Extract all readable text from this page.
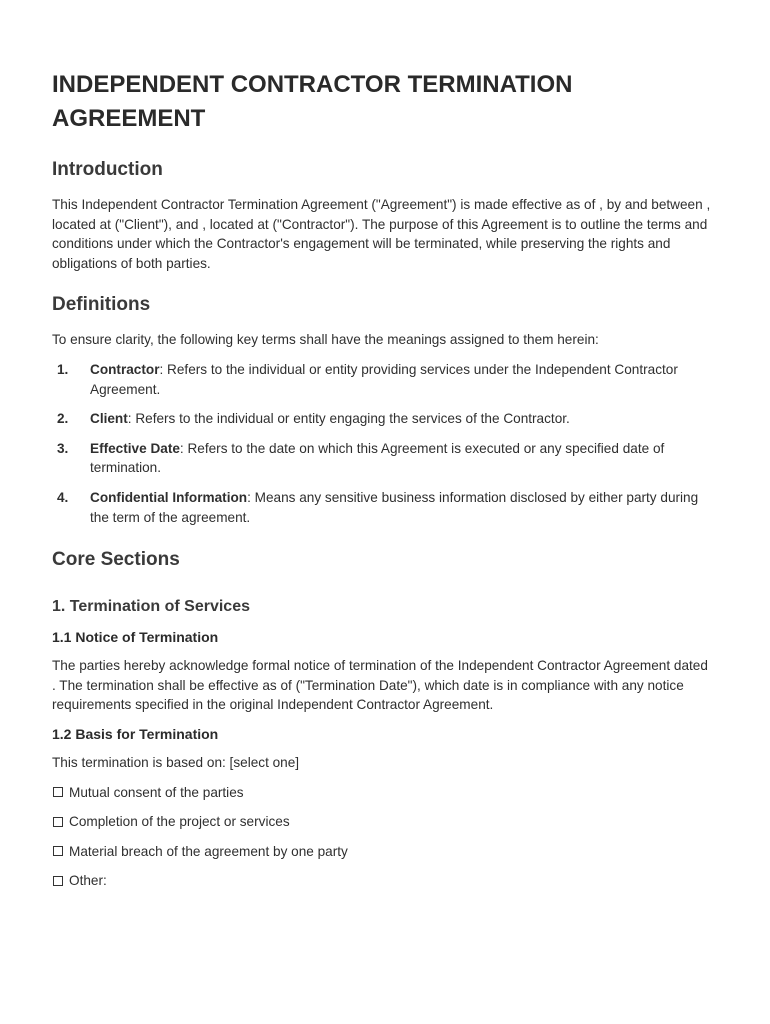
INDEPENDENT CONTRACTOR TERMINATION AGREEMENT
Introduction

This Independent Contractor Termination Agreement ("Agreement") is made effective as of , by and between , located at ("Client"), and , located at ("Contractor"). The purpose of this Agreement is to outline the terms and conditions under which the Contractor's engagement will be terminated, while preserving the rights and obligations of both parties.

Definitions

To ensure clarity, the following key terms shall have the meanings assigned to them herein:

1. Contractor: Refers to the individual or entity providing services under the Independent Contractor Agreement.
2. Client: Refers to the individual or entity engaging the services of the Contractor.
3. Effective Date: Refers to the date on which this Agreement is executed or any specified date of termination.
4. Confidential Information: Means any sensitive business information disclosed by either party during the term of the agreement.
Core Sections
1. Termination of Services
1.1 Notice of Termination

The parties hereby acknowledge formal notice of termination of the Independent Contractor Agreement dated . The termination shall be effective as of ("Termination Date"), which date is in compliance with any notice requirements specified in the original Independent Contractor Agreement.

1.2 Basis for Termination

This termination is based on: [select one]

Mutual consent of the parties

Completion of the project or services

Material breach of the agreement by one party

Other:
